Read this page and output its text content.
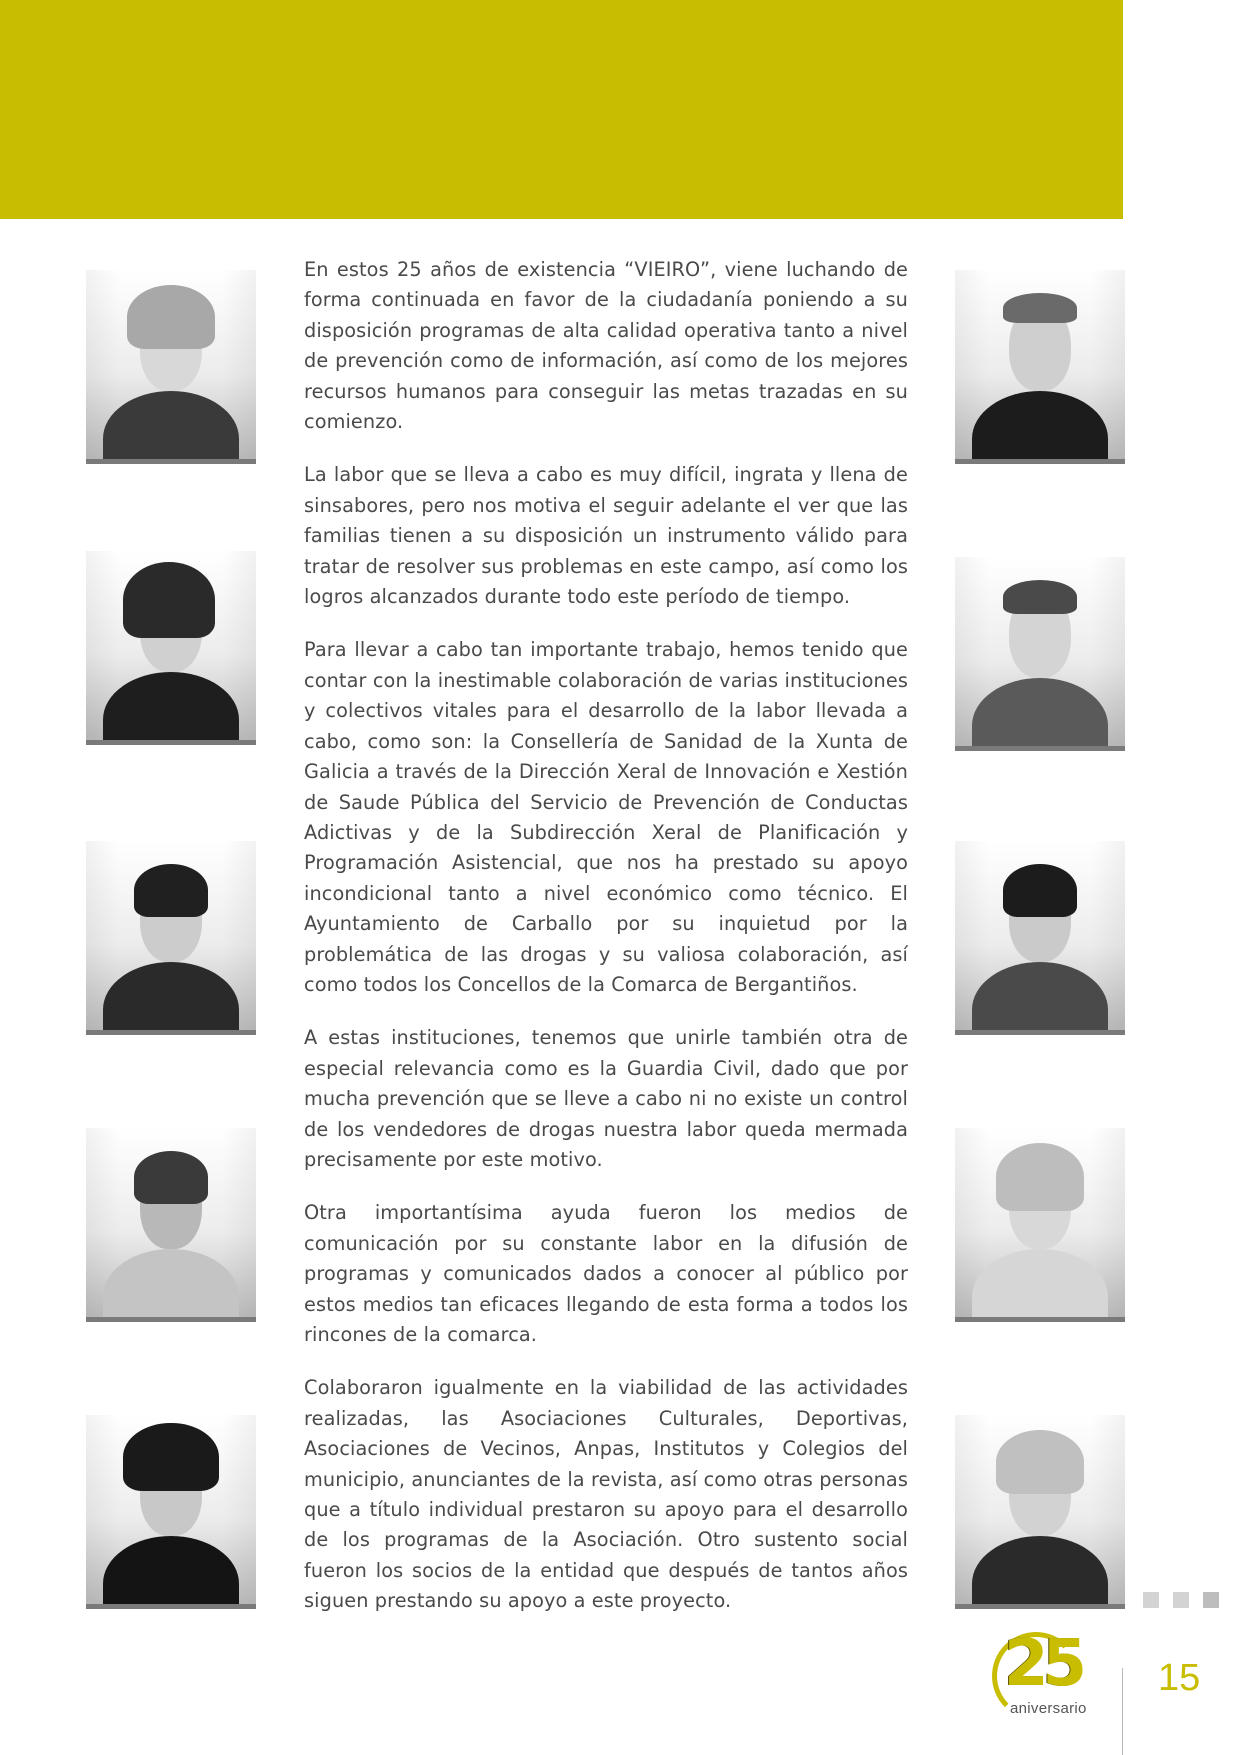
En estos 25 años de existencia “VIEIRO”, viene luchando de forma continuada en favor de la ciudadanía poniendo a su disposición programas de alta calidad operativa tanto a nivel de prevención como de información, así como de los mejores recursos humanos para conseguir las metas trazadas en su comienzo.

La labor que se lleva a cabo es muy difícil, ingrata y llena de sinsabores, pero nos motiva el seguir adelante el ver que las familias tienen a su disposición un instrumento válido para tratar de resolver sus problemas en este campo, así como los logros alcanzados durante todo este período de tiempo.

Para llevar a cabo tan importante trabajo, hemos tenido que contar con la inestimable colaboración de varias instituciones y colectivos vitales para el desarrollo de la labor llevada a cabo, como son: la Consellería de Sanidad de la Xunta de Galicia a través de la Dirección Xeral de Innovación e Xestión de Saude Pública del Servicio de Prevención de Conductas Adictivas y de la Subdirección Xeral de Planificación y Programación Asistencial, que nos ha prestado su apoyo incondicional tanto a nivel económico como técnico. El Ayuntamiento de Carballo por su inquietud por la problemática de las drogas y su valiosa colaboración, así como todos los Concellos de la Comarca de Bergantiños.

A estas instituciones, tenemos que unirle también otra de especial relevancia como es la Guardia Civil, dado que por mucha prevención que se lleve a cabo ni no existe un control de los vendedores de drogas nuestra labor queda mermada precisamente por este motivo.

Otra importantísima ayuda fueron los medios de comunicación por su constante labor en la difusión de programas y comunicados dados a conocer al público por estos medios tan eficaces llegando de esta forma a todos los rincones de la comarca.

Colaboraron igualmente en la viabilidad de las actividades realizadas, las Asociaciones Culturales, Deportivas, Asociaciones de Vecinos, Anpas, Institutos y Colegios del municipio, anunciantes de la revista, así como otras personas que a título individual prestaron su apoyo para el desarrollo de los programas de la Asociación. Otro sustento social fueron los socios de la entidad que después de tantos años siguen prestando su apoyo a este proyecto.

25
aniversario
15
